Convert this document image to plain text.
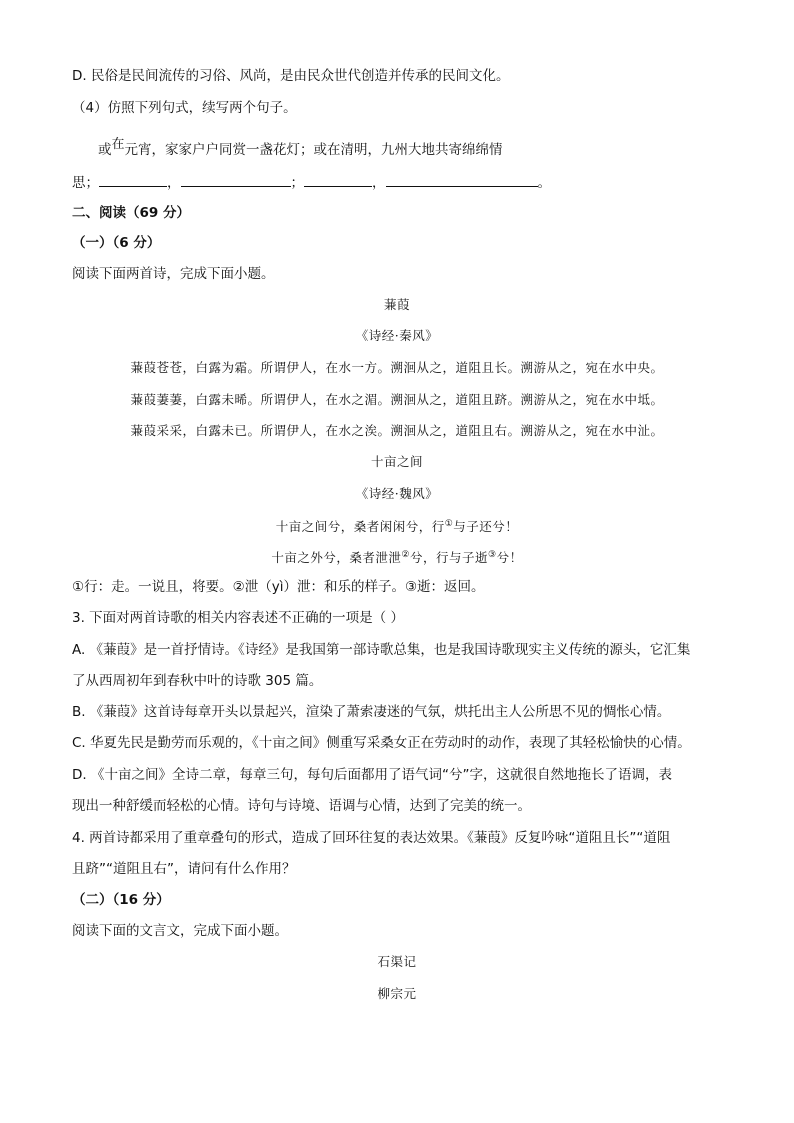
D. 民俗是民间流传的习俗、风尚，是由民众世代创造并传承的民间文化。
（4）仿照下列句式，续写两个句子。
或在元宵，家家户户同赏一盏花灯；或在清明，九州大地共寄绵绵情
思；	，	；	，	。
二、阅读（69 分）
（一）（6 分）
阅读下面两首诗，完成下面小题。
蒹葭
《诗经·秦风》
蒹葭苍苍，白露为霜。所谓伊人，在水一方。溯洄从之，道阻且长。溯游从之，宛在水中央。
蒹葭萋萋，白露未晞。所谓伊人，在水之湄。溯洄从之，道阻且跻。溯游从之，宛在水中坻。
蒹葭采采，白露未已。所谓伊人，在水之涘。溯洄从之，道阻且右。溯游从之，宛在水中沚。
十亩之间
《诗经·魏风》
十亩之间兮，桑者闲闲兮，行①与子还兮！
十亩之外兮，桑者泄泄②兮，行与子逝③兮！
①行：走。一说且，将要。②泄（yì）泄：和乐的样子。③逝：返回。
3. 下面对两首诗歌的相关内容表述不正确的一项是（ ）
A. 《蒹葭》是一首抒情诗。《诗经》是我国第一部诗歌总集，也是我国诗歌现实主义传统的源头，它汇集
了从西周初年到春秋中叶的诗歌 305 篇。
B. 《蒹葭》这首诗每章开头以景起兴，渲染了萧索凄迷的气氛，烘托出主人公所思不见的惆怅心情。
C. 华夏先民是勤劳而乐观的，《十亩之间》侧重写采桑女正在劳动时的动作，表现了其轻松愉快的心情。
D. 《十亩之间》全诗二章，每章三句，每句后面都用了语气词“兮”字，这就很自然地拖长了语调，表
现出一种舒缓而轻松的心情。诗句与诗境、语调与心情，达到了完美的统一。
4. 两首诗都采用了重章叠句的形式，造成了回环往复的表达效果。《蒹葭》反复吟咏“道阻且长”“道阻
且跻”“道阻且右”，请问有什么作用？
（二）（16 分）
阅读下面的文言文，完成下面小题。
石渠记
柳宗元
